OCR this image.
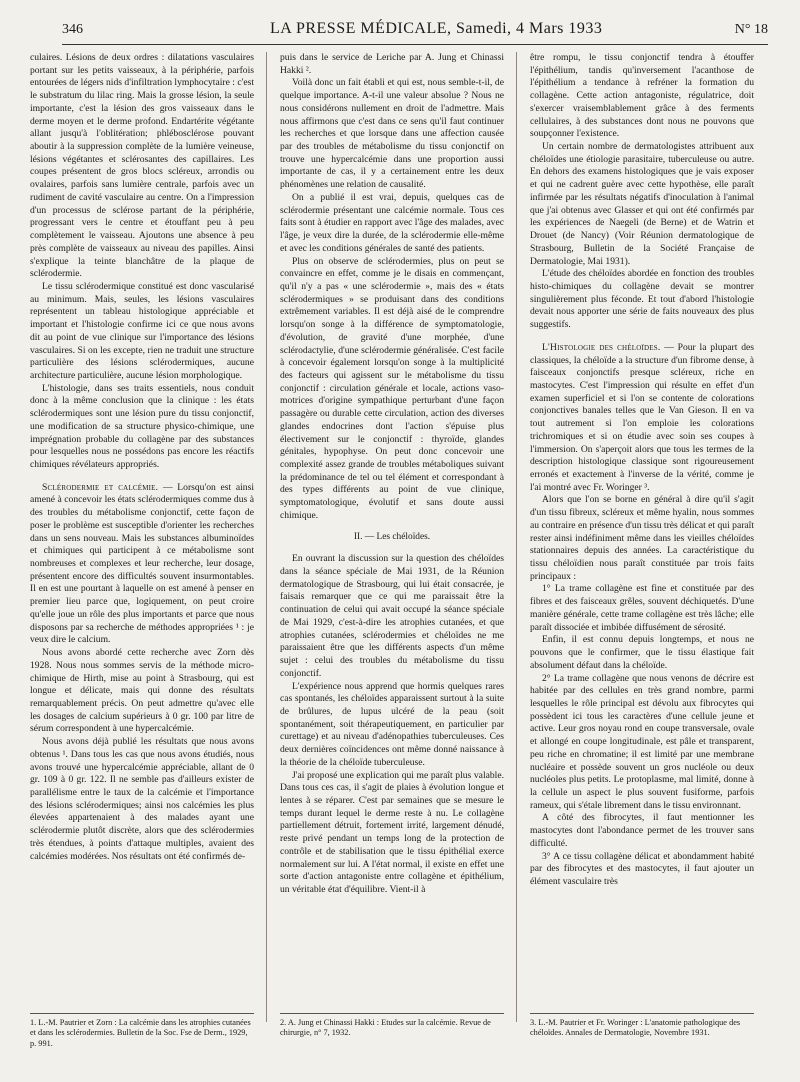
346	LA PRESSE MÉDICALE, Samedi, 4 Mars 1933	N° 18

culaires. Lésions de deux ordres : dilatations vasculaires portant sur les petits vaisseaux, à la périphérie, parfois entourées de légers nids d'infiltration lymphocytaire : c'est le substratum du lilac ring. Mais la grosse lésion, la seule importante, c'est la lésion des gros vaisseaux dans le derme moyen et le derme profond. Endartérite végétante allant jusqu'à l'oblitération; phlébosclérose pouvant aboutir à la suppression complète de la lumière veineuse, lésions végétantes et sclérosantes des capillaires. Les coupes présentent de gros blocs scléreux, arrondis ou ovalaires, parfois sans lumière centrale, parfois avec un rudiment de cavité vasculaire au centre. On a l'impression d'un processus de sclérose partant de la périphérie, progressant vers le centre et étouffant peu à peu complètement le vaisseau. Ajoutons une absence à peu près complète de vaisseaux au niveau des papilles. Ainsi s'explique la teinte blanchâtre de la plaque de sclérodermie.

Le tissu sclérodermique constitué est donc vascularisé au minimum. Mais, seules, les lésions vasculaires représentent un tableau histologique appréciable et important et l'histologie confirme ici ce que nous avons dit au point de vue clinique sur l'importance des lésions vasculaires. Si on les excepte, rien ne traduit une structure particulière des lésions sclérodermiques, aucune architecture particulière, aucune lésion morphologique.

L'histologie, dans ses traits essentiels, nous conduit donc à la même conclusion que la clinique : les états sclérodermiques sont une lésion pure du tissu conjonctif, une modification de sa structure physico-chimique, une imprégnation probable du collagène par des substances pour lesquelles nous ne possédons pas encore les réactifs chimiques révélateurs appropriés.

Sclérodermie et calcémie. — Lorsqu'on est ainsi amené à concevoir les états sclérodermiques comme dus à des troubles du métabolisme conjonctif, cette façon de poser le problème est susceptible d'orienter les recherches dans un sens nouveau. Mais les substances albuminoïdes et chimiques qui participent à ce métabolisme sont nombreuses et complexes et leur recherche, leur dosage, présentent encore des difficultés souvent insurmontables. Il en est une pourtant à laquelle on est amené à penser en premier lieu parce que, logiquement, on peut croire qu'elle joue un rôle des plus importants et parce que nous disposons par sa recherche de méthodes appropriées ¹ : je veux dire le calcium.

Nous avons abordé cette recherche avec Zorn dès 1928. Nous nous sommes servis de la méthode micro-chimique de Hirth, mise au point à Strasbourg, qui est longue et délicate, mais qui donne des résultats remarquablement précis. On peut admettre qu'avec elle les dosages de calcium supérieurs à 0 gr. 100 par litre de sérum correspondent à une hypercalcémie.

Nous avons déjà publié les résultats que nous avons obtenus ¹. Dans tous les cas que nous avons étudiés, nous avons trouvé une hypercalcémie appréciable, allant de 0 gr. 109 à 0 gr. 122. Il ne semble pas d'ailleurs exister de parallélisme entre le taux de la calcémie et l'importance des lésions sclérodermiques; ainsi nos calcémies les plus élevées appartenaient à des malades ayant une sclérodermie plutôt discrète, alors que des sclérodermies très étendues, à points d'attaque multiples, avaient des calcémies modérées. Nos résultats ont été confirmés de-

1. L.-M. Pautrier et Zorn : La calcémie dans les atrophies cutanées et dans les sclérodermies. Bulletin de la Soc. Fse de Derm., 1929, p. 991.

puis dans le service de Leriche par A. Jung et Chinassi Hakki ².

Voilà donc un fait établi et qui est, nous semble-t-il, de quelque importance. A-t-il une valeur absolue ? Nous ne nous considérons nullement en droit de l'admettre. Mais nous affirmons que c'est dans ce sens qu'il faut continuer les recherches et que lorsque dans une affection causée par des troubles de métabolisme du tissu conjonctif on trouve une hypercalcémie dans une proportion aussi importante de cas, il y a certainement entre les deux phénomènes une relation de causalité.

On a publié il est vrai, depuis, quelques cas de sclérodermie présentant une calcémie normale. Tous ces faits sont à étudier en rapport avec l'âge des malades, avec l'âge, je veux dire la durée, de la sclérodermie elle-même et avec les conditions générales de santé des patients.

Plus on observe de sclérodermies, plus on peut se convaincre en effet, comme je le disais en commençant, qu'il n'y a pas « une sclérodermie », mais des « états sclérodermiques » se produisant dans des conditions extrêmement variables. Il est déjà aisé de le comprendre lorsqu'on songe à la différence de symptomatologie, d'évolution, de gravité d'une morphée, d'une sclérodactylie, d'une sclérodermie généralisée. C'est facile à concevoir également lorsqu'on songe à la multiplicité des facteurs qui agissent sur le métabolisme du tissu conjonctif : circulation générale et locale, actions vaso-motrices d'origine sympathique perturbant d'une façon passagère ou durable cette circulation, action des diverses glandes endocrines dont l'action s'épuise plus électivement sur le conjonctif : thyroïde, glandes génitales, hypophyse. On peut donc concevoir une complexité assez grande de troubles métaboliques suivant la prédominance de tel ou tel élément et correspondant à des types différents au point de vue clinique, symptomatologique, évolutif et sans doute aussi chimique.

II. — Les chéloïdes.

En ouvrant la discussion sur la question des chéloïdes dans la séance spéciale de Mai 1931, de la Réunion dermatologique de Strasbourg, qui lui était consacrée, je faisais remarquer que ce qui me paraissait être la continuation de celui qui avait occupé la séance spéciale de Mai 1929, c'est-à-dire les atrophies cutanées, et que atrophies cutanées, sclérodermies et chéloïdes ne me paraissaient être que les différents aspects d'un même sujet : celui des troubles du métabolisme du tissu conjonctif.

L'expérience nous apprend que hormis quelques rares cas spontanés, les chéloïdes apparaissent surtout à la suite de brûlures, de lupus ulcéré de la peau (soit spontanément, soit thérapeutiquement, en particulier par curettage) et au niveau d'adénopathies tuberculeuses. Ces deux dernières coïncidences ont même donné naissance à la théorie de la chéloïde tuberculeuse.

J'ai proposé une explication qui me paraît plus valable. Dans tous ces cas, il s'agit de plaies à évolution longue et lentes à se réparer. C'est par semaines que se mesure le temps durant lequel le derme reste à nu. Le collagène partiellement détruit, fortement irrité, largement dénudé, reste privé pendant un temps long de la protection de contrôle et de stabilisation que le tissu épithélial exerce normalement sur lui. A l'état normal, il existe en effet une sorte d'action antagoniste entre collagène et épithélium, un véritable état d'équilibre. Vient-il à

2. A. Jung et Chinassi Hakki : Etudes sur la calcémie. Revue de chirurgie, n° 7, 1932.

être rompu, le tissu conjonctif tendra à étouffer l'épithélium, tandis qu'inversement l'acanthose de l'épithélium a tendance à refréner la formation du collagène. Cette action antagoniste, régulatrice, doit s'exercer vraisemblablement grâce à des ferments cellulaires, à des substances dont nous ne pouvons que soupçonner l'existence.

Un certain nombre de dermatologistes attribuent aux chéloïdes une étiologie parasitaire, tuberculeuse ou autre. En dehors des examens histologiques que je vais exposer et qui ne cadrent guère avec cette hypothèse, elle paraît infirmée par les résultats négatifs d'inoculation à l'animal que j'ai obtenus avec Glasser et qui ont été confirmés par les expériences de Naegeli (de Berne) et de Watrin et Drouet (de Nancy) (Voir Réunion dermatologique de Strasbourg, Bulletin de la Société Française de Dermatologie, Mai 1931).

L'étude des chéloïdes abordée en fonction des troubles histo-chimiques du collagène devait se montrer singulièrement plus féconde. Et tout d'abord l'histologie devait nous apporter une série de faits nouveaux des plus suggestifs.

L'Histologie des chéloïdes. — Pour la plupart des classiques, la chéloïde a la structure d'un fibrome dense, à faisceaux conjonctifs presque scléreux, riche en mastocytes. C'est l'impression qui résulte en effet d'un examen superficiel et si l'on se contente de colorations conjonctives banales telles que le Van Gieson. Il en va tout autrement si l'on emploie les colorations trichromiques et si on étudie avec soin ses coupes à l'immersion. On s'aperçoit alors que tous les termes de la description histologique classique sont rigoureusement erronés et exactement à l'inverse de la vérité, comme je l'ai montré avec Fr. Woringer ³.

Alors que l'on se borne en général à dire qu'il s'agit d'un tissu fibreux, scléreux et même hyalin, nous sommes au contraire en présence d'un tissu très délicat et qui paraît rester ainsi indéfiniment même dans les vieilles chéloïdes stationnaires depuis des années. La caractéristique du tissu chéloïdien nous paraît constituée par trois faits principaux :

1° La trame collagène est fine et constituée par des fibres et des faisceaux grêles, souvent déchiquetés. D'une manière générale, cette trame collagène est très lâche; elle paraît dissociée et imbibée diffusément de sérosité.

Enfin, il est connu depuis longtemps, et nous ne pouvons que le confirmer, que le tissu élastique fait absolument défaut dans la chéloïde.

2° La trame collagène que nous venons de décrire est habitée par des cellules en très grand nombre, parmi lesquelles le rôle principal est dévolu aux fibrocytes qui possèdent ici tous les caractères d'une cellule jeune et active. Leur gros noyau rond en coupe transversale, ovale et allongé en coupe longitudinale, est pâle et transparent, peu riche en chromatine; il est limité par une membrane nucléaire et possède souvent un gros nucléole ou deux nucléoles plus petits. Le protoplasme, mal limité, donne à la cellule un aspect le plus souvent fusiforme, parfois rameux, qui s'étale librement dans le tissu environnant.

A côté des fibrocytes, il faut mentionner les mastocytes dont l'abondance permet de les trouver sans difficulté.

3° A ce tissu collagène délicat et abondamment habité par des fibrocytes et des mastocytes, il faut ajouter un élément vasculaire très

3. L.-M. Pautrier et Fr. Woringer : L'anatomie pathologique des chéloïdes. Annales de Dermatologie, Novembre 1931.
